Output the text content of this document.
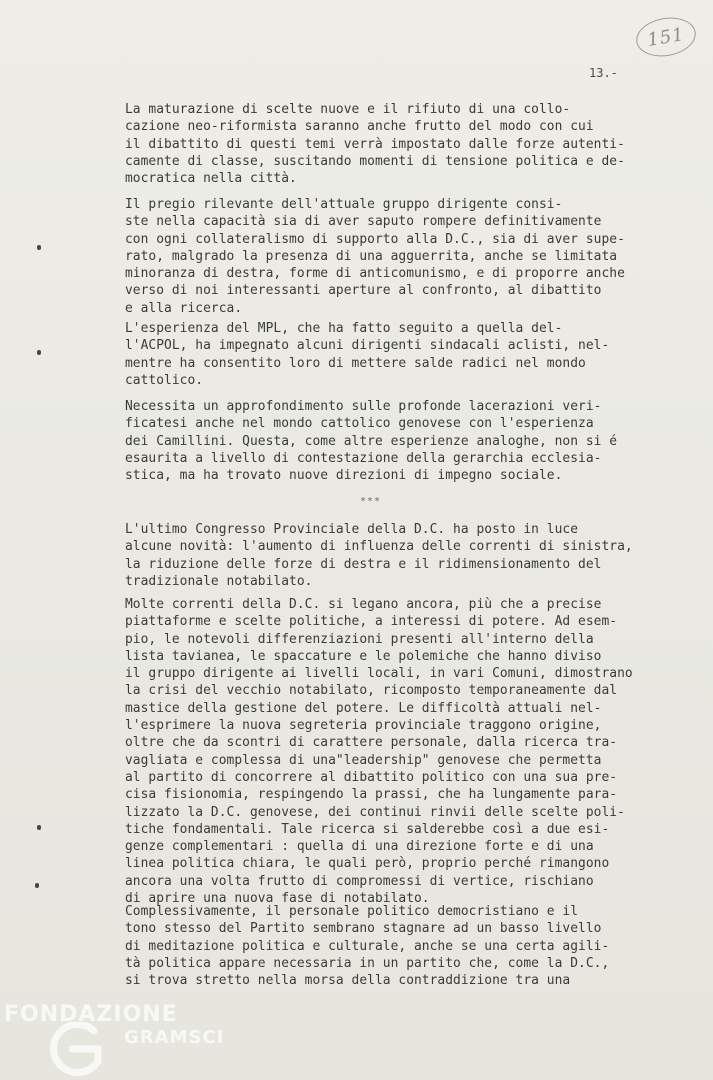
151
13.-
La maturazione di scelte nuove e il rifiuto di una collo-
cazione neo-riformista saranno anche frutto del modo con cui
il dibattito di questi temi verrà impostato dalle forze autenti-
camente di classe, suscitando momenti di tensione politica e de-
mocratica nella città.
Il pregio rilevante dell'attuale gruppo dirigente consi-
ste nella capacità sia di aver saputo rompere definitivamente
con ogni collateralismo di supporto alla D.C., sia di aver supe-
rato, malgrado la presenza di una agguerrita, anche se limitata
minoranza di destra, forme di anticomunismo, e di proporre anche
verso di noi interessanti aperture al confronto, al dibattito
e alla ricerca.
L'esperienza del MPL, che ha fatto seguito a quella del-
l'ACPOL, ha impegnato alcuni dirigenti sindacali aclisti, nel-
mentre ha consentito loro di mettere salde radici nel mondo
cattolico.
Necessita un approfondimento sulle profonde lacerazioni veri-
ficatesi anche nel mondo cattolico genovese con l'esperienza
dei Camillini. Questa, come altre esperienze analoghe, non si é
esaurita a livello di contestazione della gerarchia ecclesia-
stica, ma ha trovato nuove direzioni di impegno sociale.
***
L'ultimo Congresso Provinciale della D.C. ha posto in luce
alcune novità: l'aumento di influenza delle correnti di sinistra,
la riduzione delle forze di destra e il ridimensionamento del
tradizionale notabilato.
Molte correnti della D.C. si legano ancora, più che a precise
piattaforme e scelte politiche, a interessi di potere. Ad esem-
pio, le notevoli differenziazioni presenti all'interno della
lista tavianea, le spaccature e le polemiche che hanno diviso
il gruppo dirigente ai livelli locali, in vari Comuni, dimostrano
la crisi del vecchio notabilato, ricomposto temporaneamente dal
mastice della gestione del potere. Le difficoltà attuali nel-
l'esprimere la nuova segreteria provinciale traggono origine,
oltre che da scontri di carattere personale, dalla ricerca tra-
vagliata e complessa di una"leadership" genovese che permetta
al partito di concorrere al dibattito politico con una sua pre-
cisa fisionomia, respingendo la prassi, che ha lungamente para-
lizzato la D.C. genovese, dei continui rinvii delle scelte poli-
tiche fondamentali. Tale ricerca si salderebbe così a due esi-
genze complementari : quella di una direzione forte e di una
linea politica chiara, le quali però, proprio perché rimangono
ancora una volta frutto di compromessi di vertice, rischiano
di aprire una nuova fase di notabilato.
Complessivamente, il personale politico democristiano e il
tono stesso del Partito sembrano stagnare ad un basso livello
di meditazione politica e culturale, anche se una certa agili-
tà politica appare necessaria in un partito che, come la D.C.,
si trova stretto nella morsa della contraddizione tra una
FONDAZIONE
GRAMSCI
